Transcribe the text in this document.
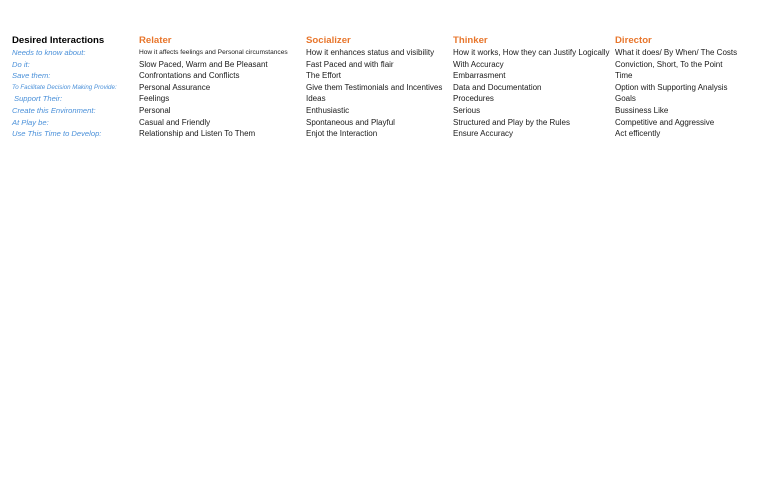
Desired Interactions	Relater	Socializer	Thinker	Director
Needs to know about:	How it affects feelings and Personal circumstances	How it enhances status and visibility	How it works, How they can Justify Logically	What it does/ By When/ The Costs
Do it:	Slow Paced, Warm and Be Pleasant	Fast Paced and with flair	With Accuracy	Conviction, Short, To the Point
Save them:	Confrontations and Conflicts	The Effort	Embarrasment	Time
To Facilitate Decision Making Provide:	Personal Assurance	Give them Testimonials and Incentives	Data and Documentation	Option with Supporting Analysis
Support Their:	Feelings	Ideas	Procedures	Goals
Create this Environment:	Personal	Enthusiastic	Serious	Bussiness Like
At Play be:	Casual and Friendly	Spontaneous and Playful	Structured and Play by the Rules	Competitive and Aggressive
Use This Time to Develop:	Relationship and Listen To Them	Enjot the Interaction	Ensure Accuracy	Act efficently
